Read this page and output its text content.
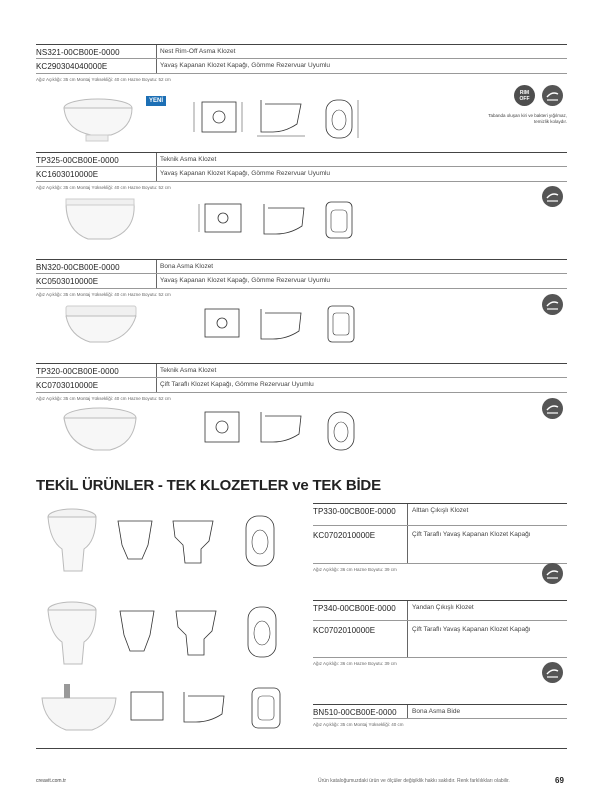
NS321-00CB00E-0000	Nest Rim-Off Asma Klozet
KC290304040000E	Yavaş Kapanan Klozet Kapağı, Gömme Rezervuar Uyumlu
Ağız Açıklığı: 35 cm Montaj Yüksekliği: 40 cm Hazne Boyutu: 52 cm
YENİ
RIM
OFF
Tabanda oluşan kiri ve bakteri yığılmaz, temizlik kolaydır.
TP325-00CB00E-0000	Teknik Asma Klozet
KC1603010000E	Yavaş Kapanan Klozet Kapağı, Gömme Rezervuar Uyumlu
Ağız Açıklığı: 35 cm Montaj Yüksekliği: 40 cm Hazne Boyutu: 52 cm
BN320-00CB00E-0000	Bona Asma Klozet
KC0503010000E	Yavaş Kapanan Klozet Kapağı, Gömme Rezervuar Uyumlu
Ağız Açıklığı: 35 cm Montaj Yüksekliği: 40 cm Hazne Boyutu: 52 cm
TP320-00CB00E-0000	Teknik Asma Klozet
KC0703010000E	Çift Taraflı Klozet Kapağı, Gömme Rezervuar Uyumlu
Ağız Açıklığı: 35 cm Montaj Yüksekliği: 40 cm Hazne Boyutu: 52 cm
TEKİL ÜRÜNLER - TEK KLOZETLER ve TEK BİDE
TP330-00CB00E-0000	Alttan Çıkışlı Klozet
KC0702010000E	Çift Taraflı Yavaş Kapanan Klozet Kapağı
Ağız Açıklığı: 36 cm Hazne Boyutu: 39 cm
TP340-00CB00E-0000	Yandan Çıkışlı Klozet
KC0702010000E	Çift Taraflı Yavaş Kapanan Klozet Kapağı
Ağız Açıklığı: 36 cm Hazne Boyutu: 39 cm
BN510-00CB00E-0000 Bona Asma Bide
Ağız Açıklığı: 35 cm Montaj Yüksekliği: 40 cm
creavit.com.tr	Ürün kataloğumuzdaki ürün ve ölçüler değişiklik hakkı saklıdır. Renk farklılıkları olabilir.	69
